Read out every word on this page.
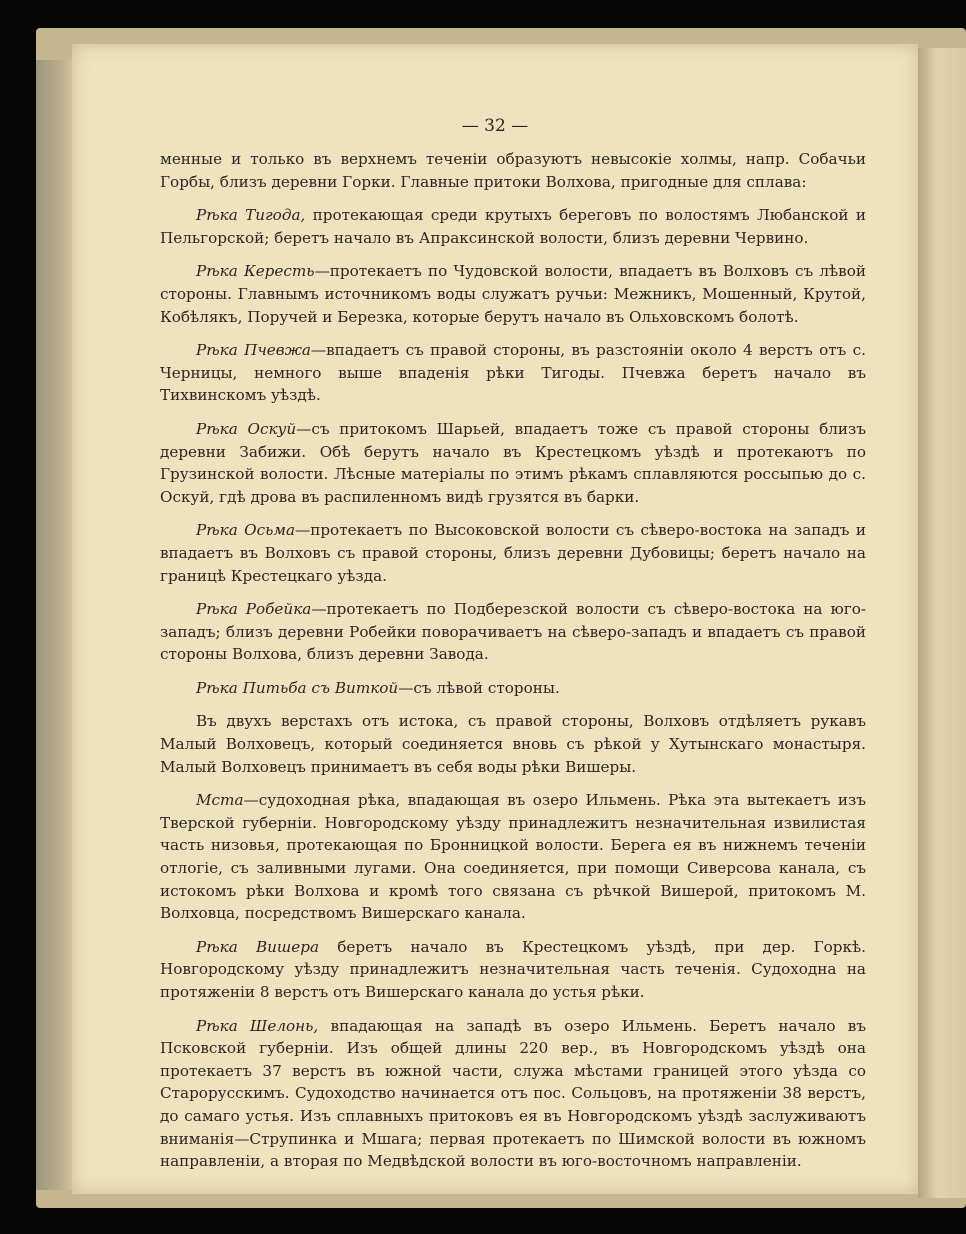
— 32 —

менные и только въ верхнемъ теченіи образуютъ невысокіе холмы, напр. Собачьи Горбы, близъ деревни Горки. Главные притоки Волхова, пригодные для сплава:

Рѣка Тигода, протекающая среди крутыхъ береговъ по волостямъ Любанской и Пельгорской; беретъ начало въ Апраксинской волости, близъ деревни Червино.

Рѣка Кересть—протекаетъ по Чудовской волости, впадаетъ въ Волховъ съ лѣвой стороны. Главнымъ источникомъ воды служатъ ручьи: Межникъ, Мошенный, Крутой, Кобѣлякъ, Поручей и Березка, которые берутъ начало въ Ольховскомъ болотѣ.

Рѣка Пчевжа—впадаетъ съ правой стороны, въ разстояніи около 4 верстъ отъ с. Черницы, немного выше впаденія рѣки Тигоды. Пчевжа беретъ начало въ Тихвинскомъ уѣздѣ.

Рѣка Оскуй—съ притокомъ Шарьей, впадаетъ тоже съ правой стороны близъ деревни Забижи. Обѣ берутъ начало въ Крестецкомъ уѣздѣ и протекаютъ по Грузинской волости. Лѣсные матеріалы по этимъ рѣкамъ сплавляются россыпью до с. Оскуй, гдѣ дрова въ распиленномъ видѣ грузятся въ барки.

Рѣка Осьма—протекаетъ по Высоковской волости съ сѣверо-востока на западъ и впадаетъ въ Волховъ съ правой стороны, близъ деревни Дубовицы; беретъ начало на границѣ Крестецкаго уѣзда.

Рѣка Робейка—протекаетъ по Подберезской волости съ сѣверо-востока на юго-западъ; близъ деревни Робейки поворачиваетъ на сѣверо-западъ и впадаетъ съ правой стороны Волхова, близъ деревни Завода.

Рѣка Питьба съ Виткой—съ лѣвой стороны.

Въ двухъ верстахъ отъ истока, съ правой стороны, Волховъ отдѣляетъ рукавъ Малый Волховецъ, который соединяется вновь съ рѣкой у Хутынскаго монастыря. Малый Волховецъ принимаетъ въ себя воды рѣки Вишеры.

Мста—судоходная рѣка, впадающая въ озеро Ильмень. Рѣка эта вытекаетъ изъ Тверской губерніи. Новгородскому уѣзду принадлежитъ незначительная извилистая часть низовья, протекающая по Бронницкой волости. Берега ея въ нижнемъ теченіи отлогіе, съ заливными лугами. Она соединяется, при помощи Сиверсова канала, съ истокомъ рѣки Волхова и кромѣ того связана съ рѣчкой Вишерой, притокомъ М. Волховца, посредствомъ Вишерскаго канала.

Рѣка Вишера беретъ начало въ Крестецкомъ уѣздѣ, при дер. Горкѣ. Новгородскому уѣзду принадлежитъ незначительная часть теченія. Судоходна на протяженіи 8 верстъ отъ Вишерскаго канала до устья рѣки.

Рѣка Шелонь, впадающая на западѣ въ озеро Ильмень. Беретъ начало въ Псковской губерніи. Изъ общей длины 220 вер., въ Новгородскомъ уѣздѣ она протекаетъ 37 верстъ въ южной части, служа мѣстами границей этого уѣзда со Старорусскимъ. Судоходство начинается отъ пос. Сольцовъ, на протяженіи 38 верстъ, до самаго устья. Изъ сплавныхъ притоковъ ея въ Новгородскомъ уѣздѣ заслуживаютъ вниманія—Струпинка и Мшага; первая протекаетъ по Шимской волости въ южномъ направленіи, а вторая по Медвѣдской волости въ юго-восточномъ направленіи.
